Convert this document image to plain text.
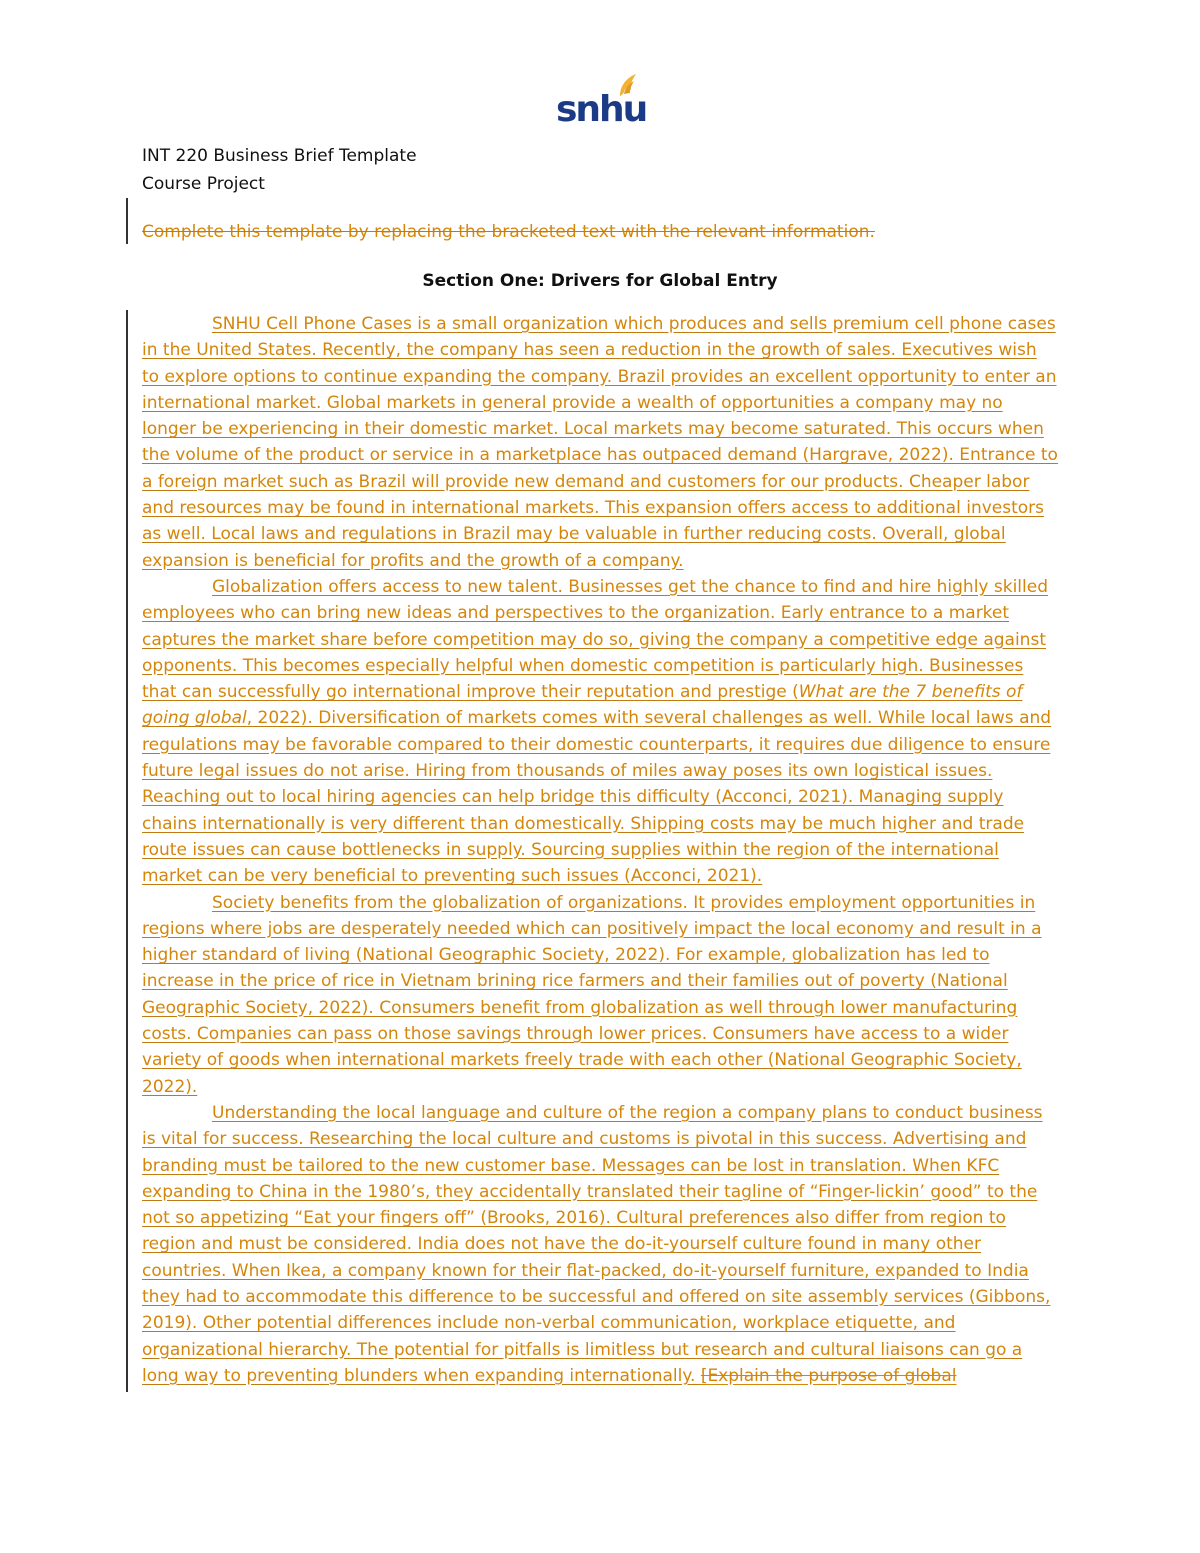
snhu
INT 220 Business Brief Template
Course Project
Complete this template by replacing the bracketed text with the relevant information.
Section One: Drivers for Global Entry

SNHU Cell Phone Cases is a small organization which produces and sells premium cell phone cases in the United States. Recently, the company has seen a reduction in the growth of sales. Executives wish to explore options to continue expanding the company. Brazil provides an excellent opportunity to enter an international market. Global markets in general provide a wealth of opportunities a company may no longer be experiencing in their domestic market. Local markets may become saturated. This occurs when the volume of the product or service in a marketplace has outpaced demand (Hargrave, 2022). Entrance to a foreign market such as Brazil will provide new demand and customers for our products. Cheaper labor and resources may be found in international markets. This expansion offers access to additional investors as well. Local laws and regulations in Brazil may be valuable in further reducing costs. Overall, global expansion is beneficial for profits and the growth of a company.

Globalization offers access to new talent. Businesses get the chance to find and hire highly skilled employees who can bring new ideas and perspectives to the organization. Early entrance to a market captures the market share before competition may do so, giving the company a competitive edge against opponents. This becomes especially helpful when domestic competition is particularly high. Businesses that can successfully go international improve their reputation and prestige (What are the 7 benefits of going global, 2022). Diversification of markets comes with several challenges as well. While local laws and regulations may be favorable compared to their domestic counterparts, it requires due diligence to ensure future legal issues do not arise. Hiring from thousands of miles away poses its own logistical issues. Reaching out to local hiring agencies can help bridge this difficulty (Acconci, 2021). Managing supply chains internationally is very different than domestically. Shipping costs may be much higher and trade route issues can cause bottlenecks in supply. Sourcing supplies within the region of the international market can be very beneficial to preventing such issues (Acconci, 2021).

Society benefits from the globalization of organizations. It provides employment opportunities in regions where jobs are desperately needed which can positively impact the local economy and result in a higher standard of living (National Geographic Society, 2022). For example, globalization has led to increase in the price of rice in Vietnam brining rice farmers and their families out of poverty (National Geographic Society, 2022). Consumers benefit from globalization as well through lower manufacturing costs. Companies can pass on those savings through lower prices. Consumers have access to a wider variety of goods when international markets freely trade with each other (National Geographic Society, 2022).

Understanding the local language and culture of the region a company plans to conduct business is vital for success. Researching the local culture and customs is pivotal in this success. Advertising and branding must be tailored to the new customer base. Messages can be lost in translation. When KFC expanding to China in the 1980’s, they accidentally translated their tagline of “Finger-lickin’ good” to the not so appetizing “Eat your fingers off” (Brooks, 2016). Cultural preferences also differ from region to region and must be considered. India does not have the do-it-yourself culture found in many other countries. When Ikea, a company known for their flat-packed, do-it-yourself furniture, expanded to India they had to accommodate this difference to be successful and offered on site assembly services (Gibbons, 2019). Other potential differences include non-verbal communication, workplace etiquette, and organizational hierarchy. The potential for pitfalls is limitless but research and cultural liaisons can go a long way to preventing blunders when expanding internationally. [Explain the purpose of global
